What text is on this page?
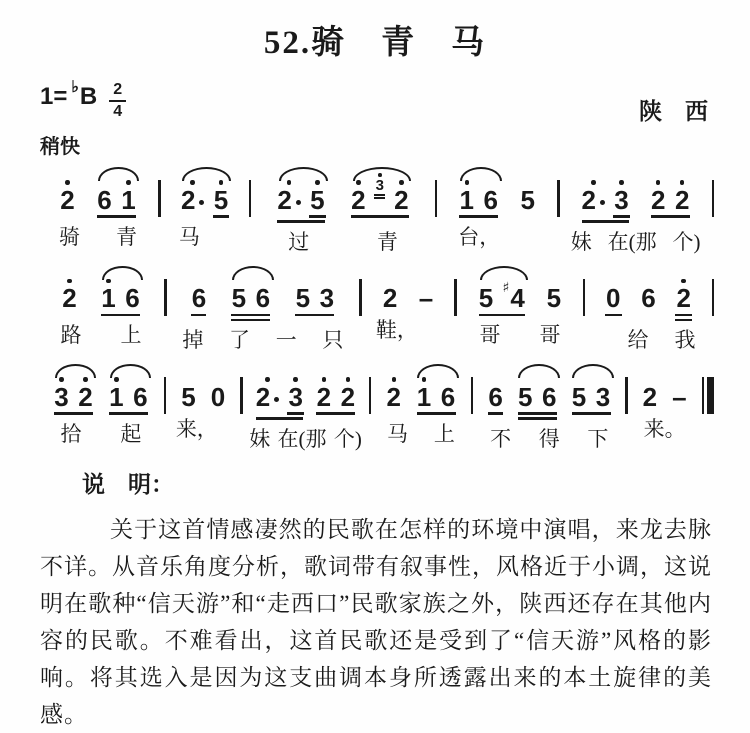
52.骑　青　马
1= ♭ B $\frac{2}{4}$	陕　西
稍快
2 6 1
骑 青
2 5
马
2 5 2 3 2
过	青
1 6 5
台，
2 3 2 2
妹 在(那 个)
2 1 6
路 上
6 5 6 5 3
掉 了 一 只
2 –
鞋，
5 ♯ 4 5
哥 哥
0 6 2
给 我
3 2 1 6
拾 起
5 0
来，
2 3 2 2
妹 在(那 个)
2 1 6
马 上
6 5 6 5 3
不 得 下
2 –
来。
说　明：

关于这首情感凄然的民歌在怎样的环境中演唱，来龙去脉不详。从音乐角度分析，歌词带有叙事性，风格近于小调，这说明在歌种“信天游”和“走西口”民歌家族之外，陕西还存在其他内容的民歌。不难看出，这首民歌还是受到了“信天游”风格的影响。将其选入是因为这支曲调本身所透露出来的本土旋律的美感。
